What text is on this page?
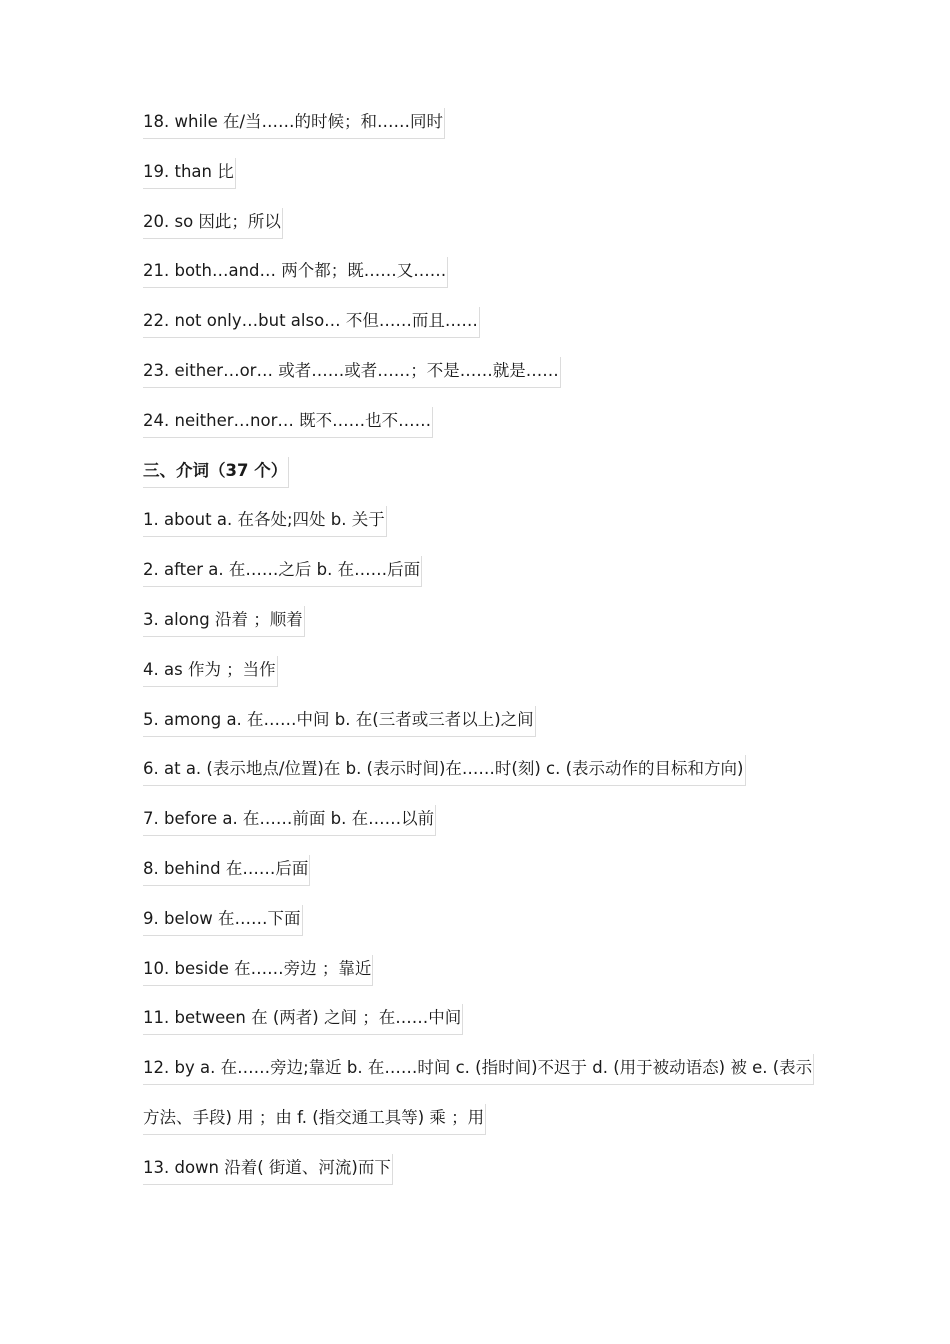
18. while 在/当……的时候；和……同时
19. than 比
20. so 因此；所以
21. both…and… 两个都；既……又……
22. not only…but also… 不但……而且……
23. either…or… 或者……或者……；不是……就是……
24. neither…nor… 既不……也不……
三、介词（37 个）
1. about a. 在各处;四处 b. 关于
2. after a. 在……之后 b. 在……后面
3. along 沿着 ；顺着
4. as 作为 ；当作
5. among a. 在……中间 b. 在(三者或三者以上)之间
6. at a. (表示地点/位置)在 b. (表示时间)在……时(刻) c. (表示动作的目标和方向)
7. before a. 在……前面 b. 在……以前
8. behind 在……后面
9. below 在……下面
10. beside 在……旁边 ；靠近
11. between 在 (两者) 之间 ；在……中间
12. by a. 在……旁边;靠近 b. 在……时间 c. (指时间)不迟于 d. (用于被动语态) 被 e. (表示
方法、手段) 用 ；由 f. (指交通工具等) 乘 ；用
13. down 沿着( 街道、河流)而下
